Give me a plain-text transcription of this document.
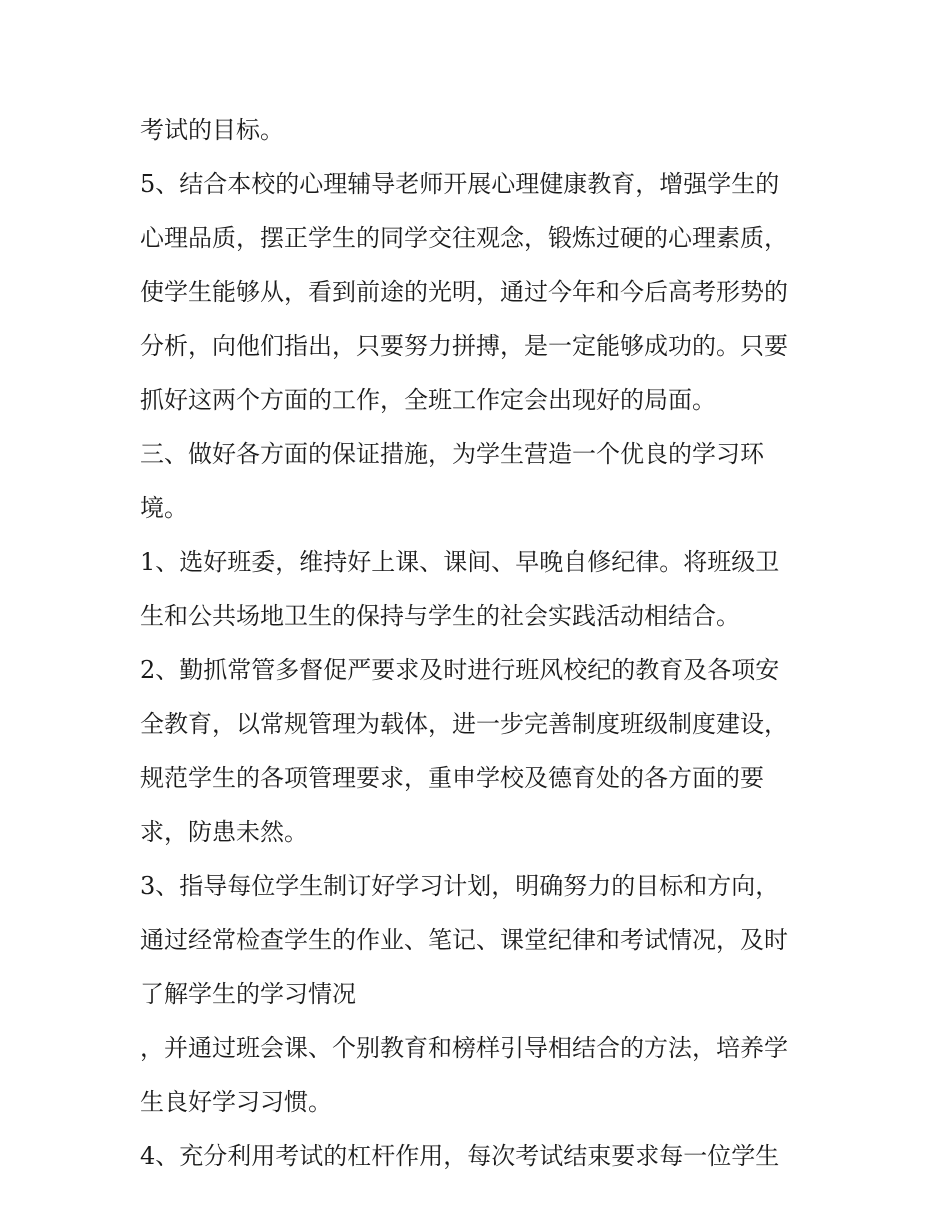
考试的目标。

5、结合本校的心理辅导老师开展心理健康教育，增强学生的

心理品质，摆正学生的同学交往观念，锻炼过硬的心理素质，

使学生能够从，看到前途的光明，通过今年和今后高考形势的

分析，向他们指出，只要努力拼搏，是一定能够成功的。只要

抓好这两个方面的工作，全班工作定会出现好的局面。

三、做好各方面的保证措施，为学生营造一个优良的学习环

境。

1、选好班委，维持好上课、课间、早晚自修纪律。将班级卫

生和公共场地卫生的保持与学生的社会实践活动相结合。

2、勤抓常管多督促严要求及时进行班风校纪的教育及各项安

全教育，以常规管理为载体，进一步完善制度班级制度建设，

规范学生的各项管理要求，重申学校及德育处的各方面的要

求，防患未然。

3、指导每位学生制订好学习计划，明确努力的目标和方向，

通过经常检查学生的作业、笔记、课堂纪律和考试情况，及时

了解学生的学习情况

，并通过班会课、个别教育和榜样引导相结合的方法，培养学

生良好学习习惯。

4、充分利用考试的杠杆作用，每次考试结束要求每一位学生
